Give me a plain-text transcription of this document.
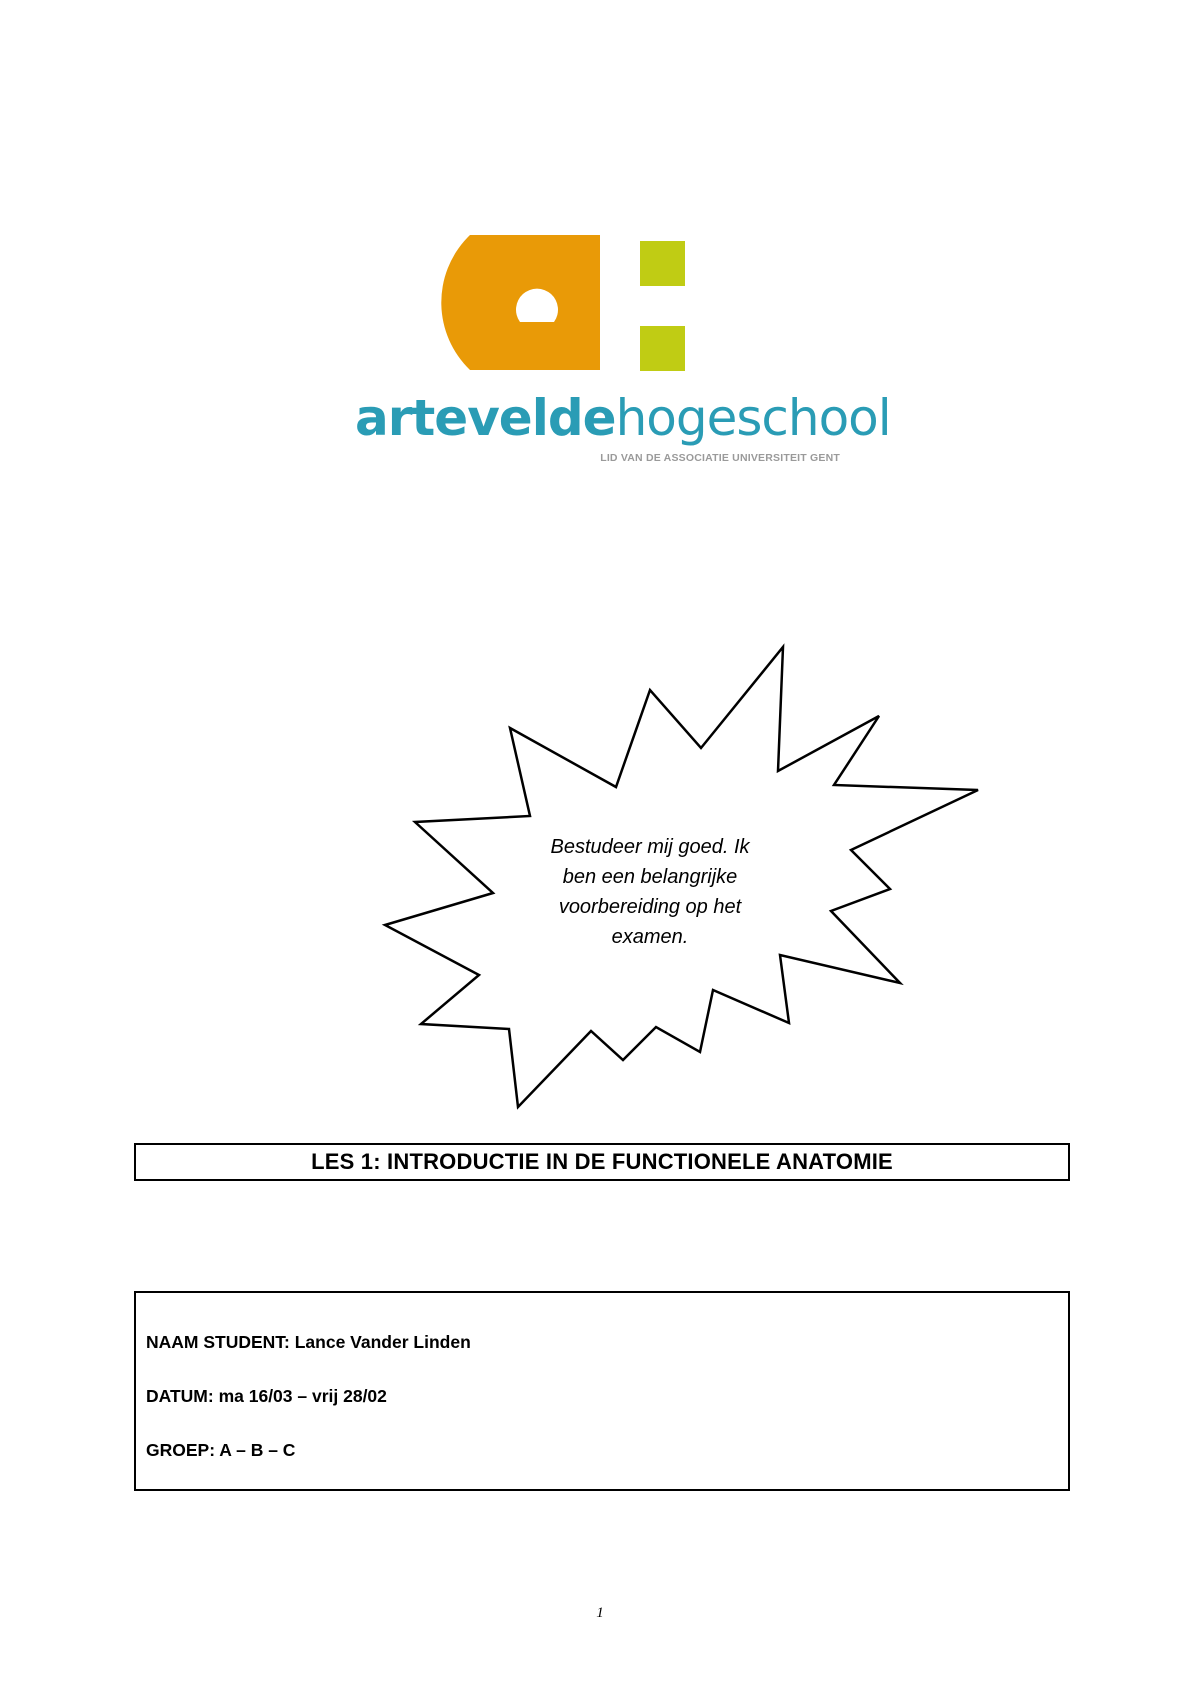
arteveldehogeschool
LID VAN DE ASSOCIATIE UNIVERSITEIT GENT
Bestudeer mij goed. Ik
ben een belangrijke
voorbereiding op het
examen.
LES 1: INTRODUCTIE IN DE FUNCTIONELE ANATOMIE
NAAM STUDENT: Lance Vander Linden
DATUM: ma 16/03 – vrij 28/02
GROEP: A – B – C
1
